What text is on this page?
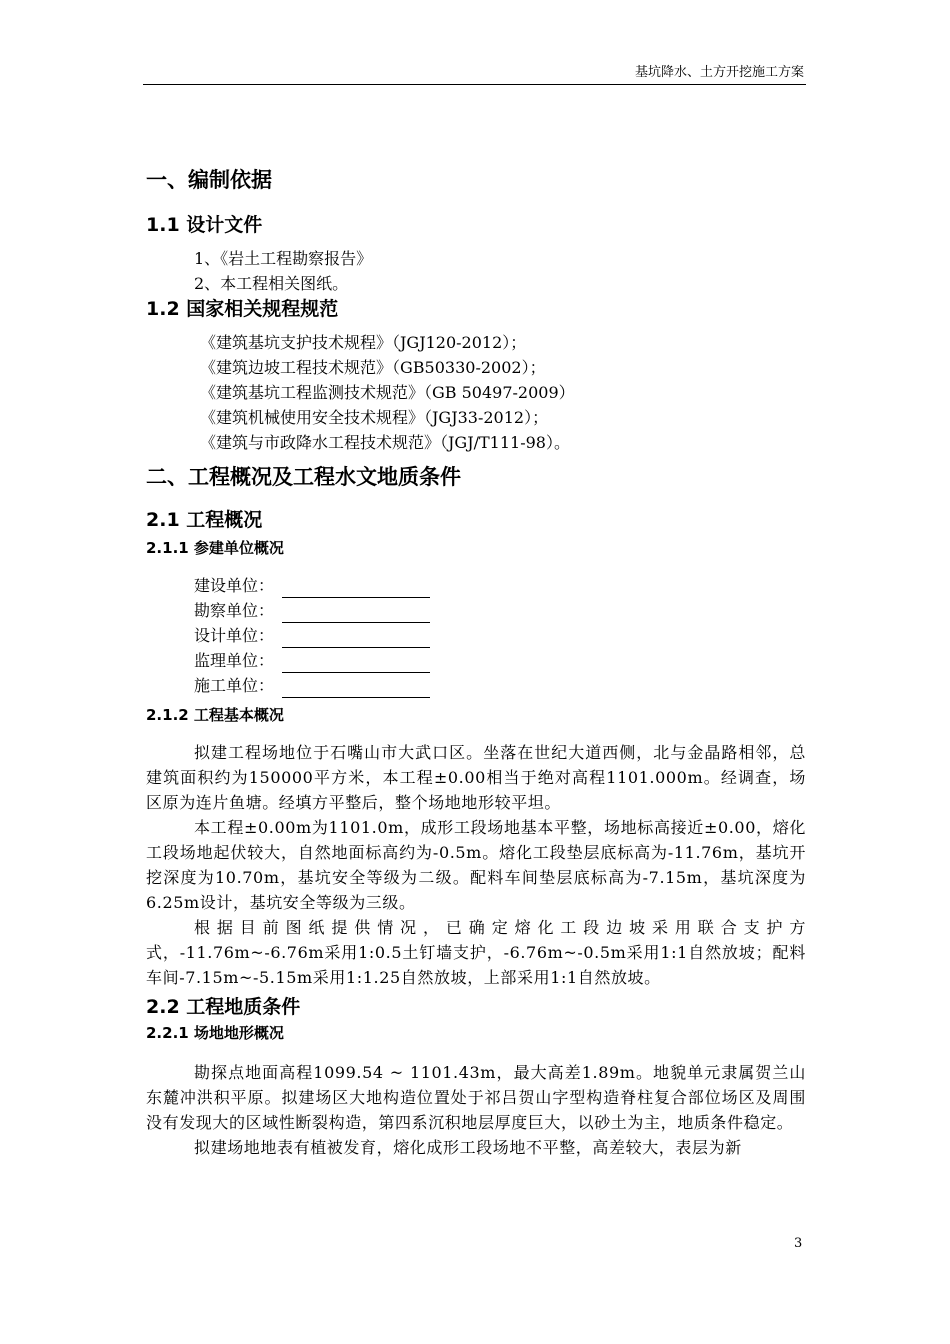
基坑降水、土方开挖施工方案

一、编制依据

1.1 设计文件

1、《岩土工程勘察报告》

2、本工程相关图纸。

1.2 国家相关规程规范

《建筑基坑支护技术规程》（JGJ120-2012）；

《建筑边坡工程技术规范》（GB50330-2002）；

《建筑基坑工程监测技术规范》（GB 50497-2009）

《建筑机械使用安全技术规程》（JGJ33-2012）；

《建筑与市政降水工程技术规范》（JGJ/T111-98）。

二、工程概况及工程水文地质条件

2.1 工程概况

2.1.1 参建单位概况

建设单位：
勘察单位：
设计单位：
监理单位：
施工单位：

2.1.2 工程基本概况

拟建工程场地位于石嘴山市大武口区。坐落在世纪大道西侧，北与金晶路相邻，总建筑面积约为150000平方米，本工程±0.00相当于绝对高程1101.000m。经调查，场区原为连片鱼塘。经填方平整后，整个场地地形较平坦。

本工程±0.00m为1101.0m，成形工段场地基本平整，场地标高接近±0.00，熔化工段场地起伏较大，自然地面标高约为-0.5m。熔化工段垫层底标高为-11.76m，基坑开挖深度为10.70m，基坑安全等级为二级。配料车间垫层底标高为-7.15m，基坑深度为6.25m设计，基坑安全等级为三级。

根据目前图纸提供情况，已确定熔化工段边坡采用联合支护方式，-11.76m~-6.76m采用1:0.5土钉墙支护，-6.76m~-0.5m采用1:1自然放坡；配料车间-7.15m~-5.15m采用1:1.25自然放坡，上部采用1:1自然放坡。

2.2 工程地质条件

2.2.1 场地地形概况

勘探点地面高程1099.54 ~ 1101.43m，最大高差1.89m。地貌单元隶属贺兰山东麓冲洪积平原。拟建场区大地构造位置处于祁吕贺山字型构造脊柱复合部位场区及周围没有发现大的区域性断裂构造，第四系沉积地层厚度巨大，以砂土为主，地质条件稳定。

拟建场地地表有植被发育，熔化成形工段场地不平整，高差较大，表层为新

3
